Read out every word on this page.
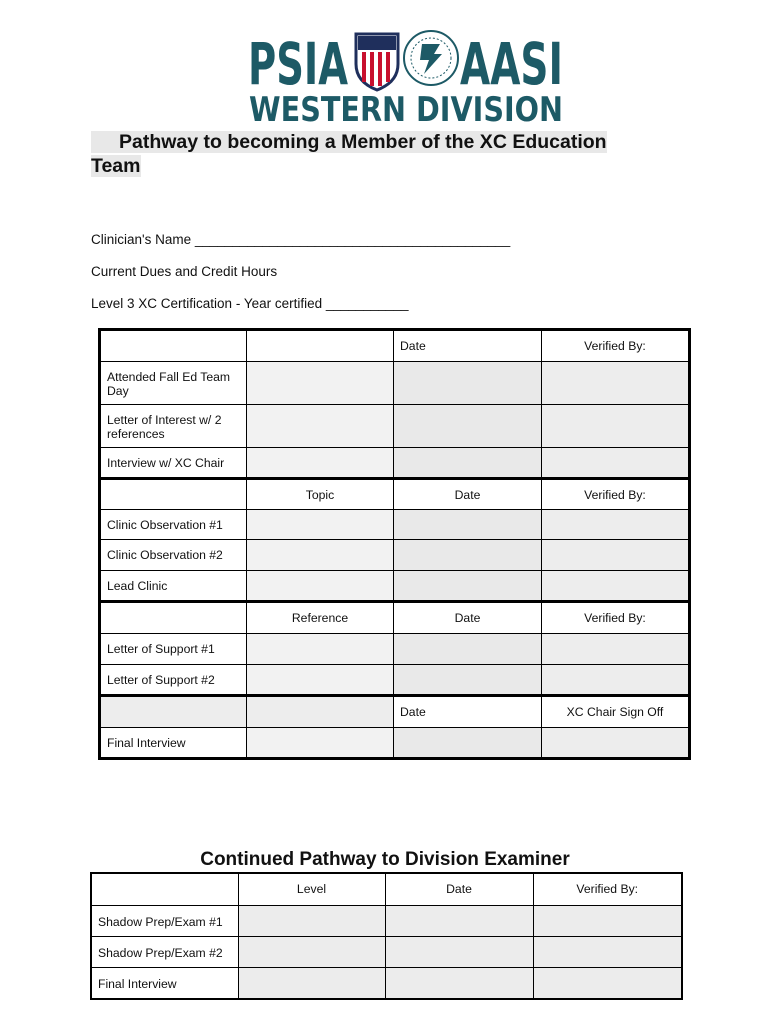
PSIA AASI
WESTERN DIVISION
Pathway to becoming a Member of the XC Education Team
Clinician's Name __________________________________________
Current Dues and Credit Hours
Level 3 XC Certification - Year certified ___________
		Date	Verified By:
Attended Fall Ed Team Day			
Letter of Interest w/ 2 references			
Interview w/ XC Chair			
	Topic	Date	Verified By:
Clinic Observation #1			
Clinic Observation #2			
Lead Clinic			
	Reference	Date	Verified By:
Letter of Support #1			
Letter of Support #2			
		Date	XC Chair Sign Off
Final Interview			
Continued Pathway to Division Examiner
	Level	Date	Verified By:
Shadow Prep/Exam #1			
Shadow Prep/Exam #2			
Final Interview			
